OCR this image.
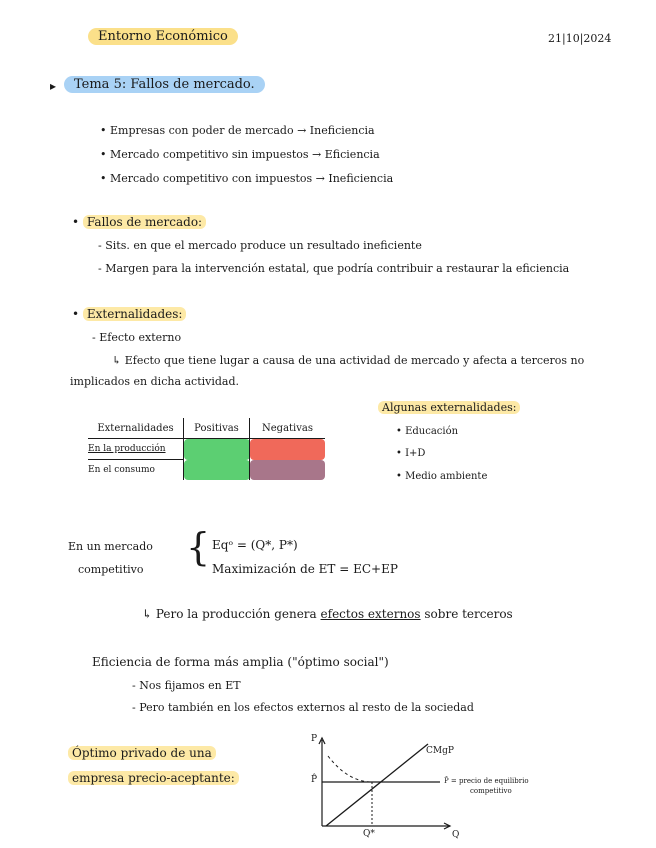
Entorno Económico	21|10|2024
▸	Tema 5: Fallos de mercado.
• Empresas con poder de mercado → Ineficiencia
• Mercado competitivo sin impuestos → Eficiencia
• Mercado competitivo con impuestos → Ineficiencia
• Fallos de mercado:
- Sits. en que el mercado produce un resultado ineficiente
- Margen para la intervención estatal, que podría contribuir a restaurar la eficiencia
• Externalidades:
- Efecto externo
↳ Efecto que tiene lugar a causa de una actividad de mercado y afecta a terceros no
implicados en dicha actividad.
Externalidades	Positivas	Negativas
En la producción		
En el consumo		
Algunas externalidades:
• Educación
• I+D
• Medio ambiente
En un mercado
competitivo
{ Eqᵒ = (Q*, P*)
Maximización de ET = EC+EP
↳ Pero la producción genera efectos externos sobre terceros
Eficiencia de forma más amplia ("óptimo social")
- Nos fijamos en ET
- Pero también en los efectos externos al resto de la sociedad
Óptimo privado de una
empresa precio-aceptante:
P
P̂
CMgP
P̂ = precio de equilibrio
competitivo
Q*	Q
